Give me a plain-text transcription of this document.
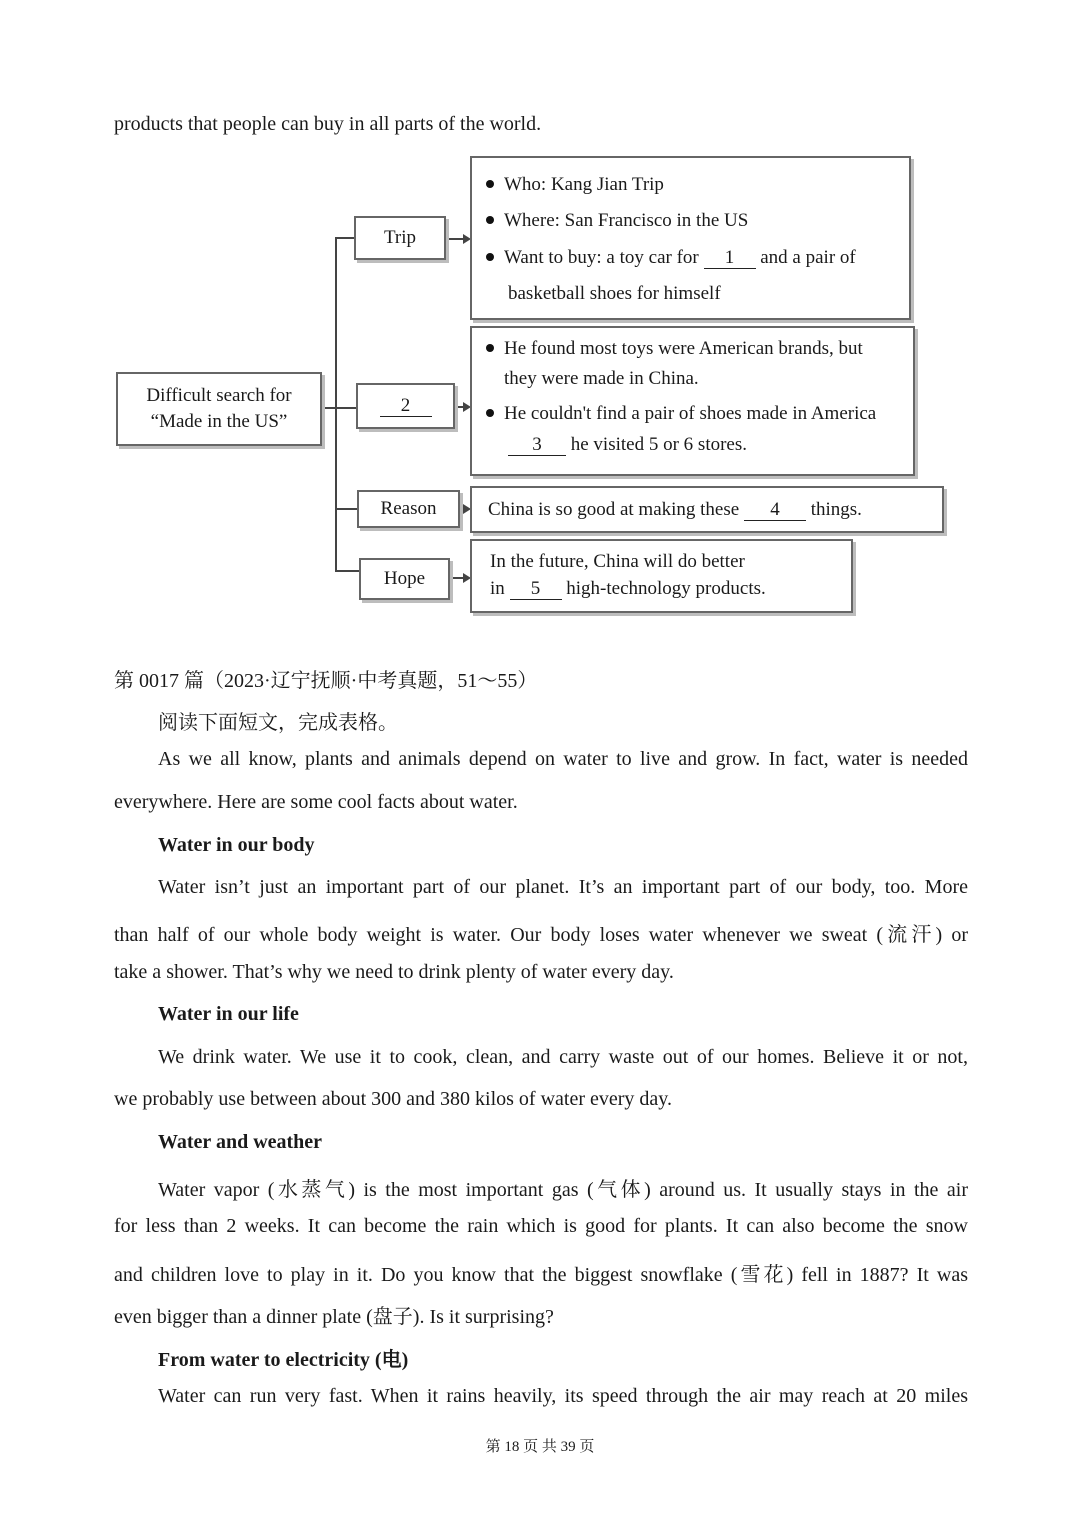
products that people can buy in all parts of the world.

Difficult search for
“Made in the US”
Trip
2
Reason
Hope
Who: Kang Jian Trip
Where: San Francisco in the US
Want to buy: a toy car for 1 and a pair of
basketball shoes for himself
He found most toys were American brands, but
they were made in China.
He couldn't find a pair of shoes made in America
3 he visited 5 or 6 stores.
China is so good at making these 4 things.
In the future, China will do better
in 5 high-technology products.

第 0017 篇（2023·辽宁抚顺·中考真题，51～55）

阅读下面短文，完成表格。

As we all know, plants and animals depend on water to live and grow. In fact, water is needed

everywhere. Here are some cool facts about water.

Water in our body

Water isn’t just an important part of our planet. It’s an important part of our body, too. More

than half of our whole body weight is water. Our body loses water whenever we sweat (流汗) or

take a shower. That’s why we need to drink plenty of water every day.

Water in our life

We drink water. We use it to cook, clean, and carry waste out of our homes. Believe it or not,

we probably use between about 300 and 380 kilos of water every day.

Water and weather

Water vapor (水蒸气) is the most important gas (气体) around us. It usually stays in the air

for less than 2 weeks. It can become the rain which is good for plants. It can also become the snow

and children love to play in it. Do you know that the biggest snowflake (雪花) fell in 1887? It was

even bigger than a dinner plate (盘子). Is it surprising?

From water to electricity (电)

Water can run very fast. When it rains heavily, its speed through the air may reach at 20 miles

第 18 页 共 39 页
